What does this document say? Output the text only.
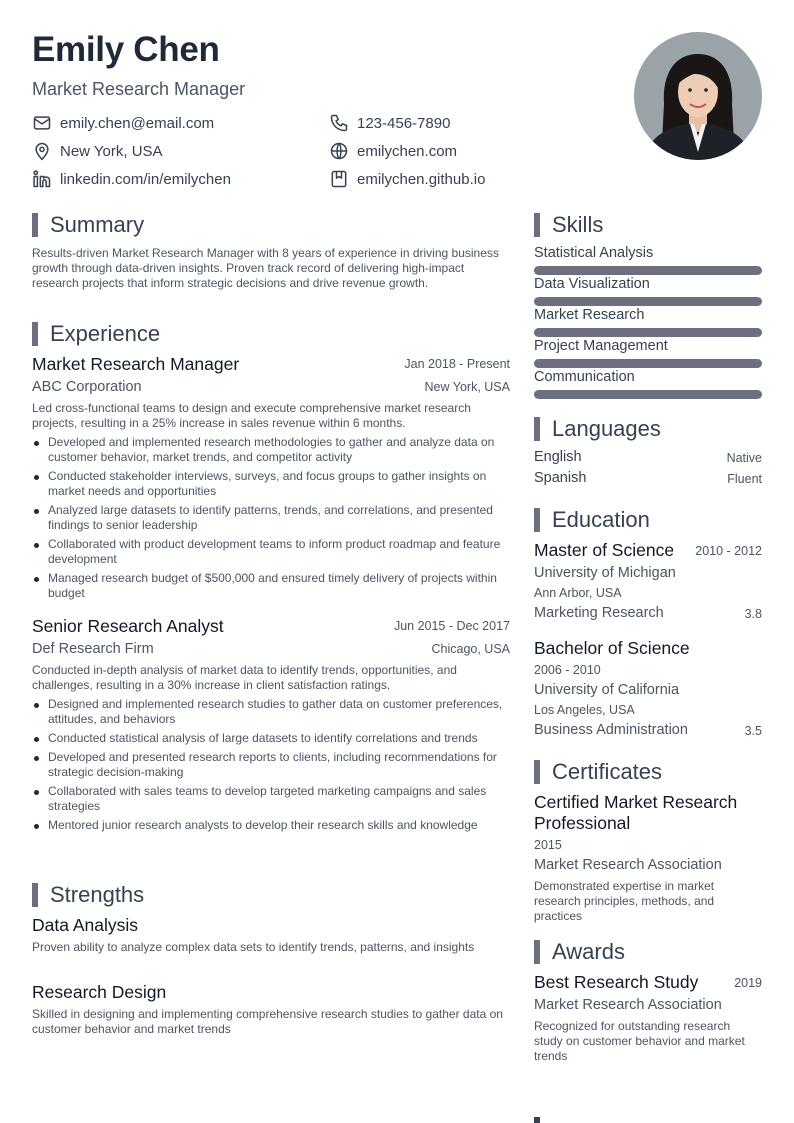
Emily Chen
Market Research Manager
emily.chen@email.com	123-456-7890
New York, USA	emilychen.com
linkedin.com/in/emilychen	emilychen.github.io
Summary
Results-driven Market Research Manager with 8 years of experience in driving business growth through data-driven insights. Proven track record of delivering high-impact research projects that inform strategic decisions and drive revenue growth.
Experience
Market Research Manager	Jan 2018 - Present
ABC Corporation	New York, USA
Led cross-functional teams to design and execute comprehensive market research projects, resulting in a 25% increase in sales revenue within 6 months.
Developed and implemented research methodologies to gather and analyze data on customer behavior, market trends, and competitor activity
Conducted stakeholder interviews, surveys, and focus groups to gather insights on market needs and opportunities
Analyzed large datasets to identify patterns, trends, and correlations, and presented findings to senior leadership
Collaborated with product development teams to inform product roadmap and feature development
Managed research budget of $500,000 and ensured timely delivery of projects within budget
Senior Research Analyst	Jun 2015 - Dec 2017
Def Research Firm	Chicago, USA
Conducted in-depth analysis of market data to identify trends, opportunities, and challenges, resulting in a 30% increase in client satisfaction ratings.
Designed and implemented research studies to gather data on customer preferences, attitudes, and behaviors
Conducted statistical analysis of large datasets to identify correlations and trends
Developed and presented research reports to clients, including recommendations for strategic decision-making
Collaborated with sales teams to develop targeted marketing campaigns and sales strategies
Mentored junior research analysts to develop their research skills and knowledge
Strengths
Data Analysis
Proven ability to analyze complex data sets to identify trends, patterns, and insights
Research Design
Skilled in designing and implementing comprehensive research studies to gather data on customer behavior and market trends
Skills
Statistical Analysis
Data Visualization
Market Research
Project Management
Communication
Languages
English	Native
Spanish	Fluent
Education
Master of Science 2010 - 2012
University of Michigan
Ann Arbor, USA
Marketing Research	3.8
Bachelor of Science
2006 - 2010
University of California
Los Angeles, USA
Business Administration	3.5
Certificates
Certified Market Research Professional
2015
Market Research Association
Demonstrated expertise in market research principles, methods, and practices
Awards
Best Research Study	2019
Market Research Association
Recognized for outstanding research study on customer behavior and market trends
